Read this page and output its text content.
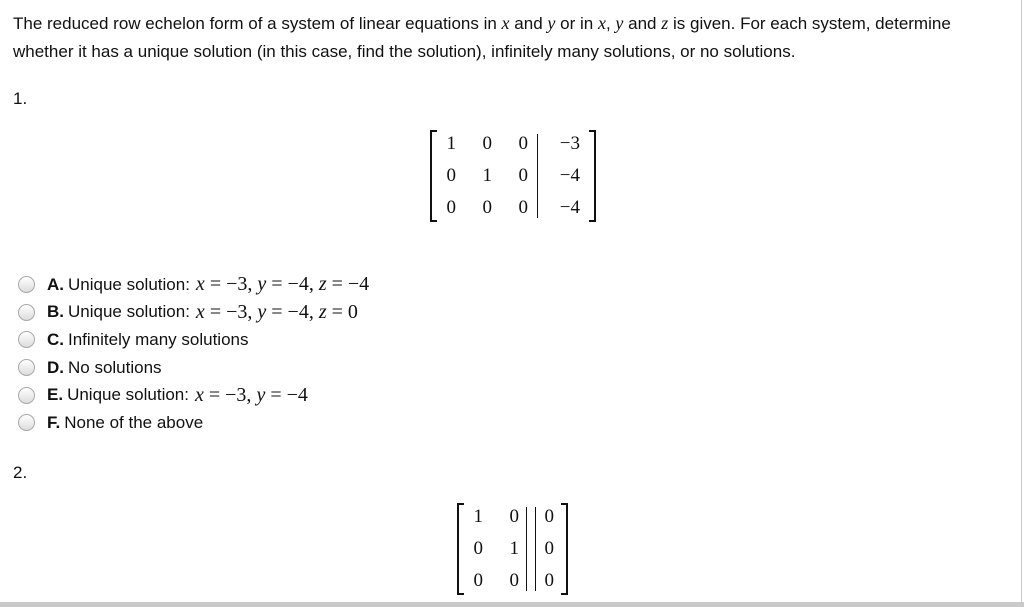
The reduced row echelon form of a system of linear equations in x and y or in x, y and z is given. For each system, determine whether it has a unique solution (in this case, find the solution), infinitely many solutions, or no solutions.
1.
1	0	0	−3
0	1	0	−4
0	0	0	−4
A. Unique solution: x = −3, y = −4, z = −4
B. Unique solution: x = −3, y = −4, z = 0
C. Infinitely many solutions
D. No solutions
E. Unique solution: x = −3, y = −4
F. None of the above
2.
1	0	0
0	1	0
0	0	0
